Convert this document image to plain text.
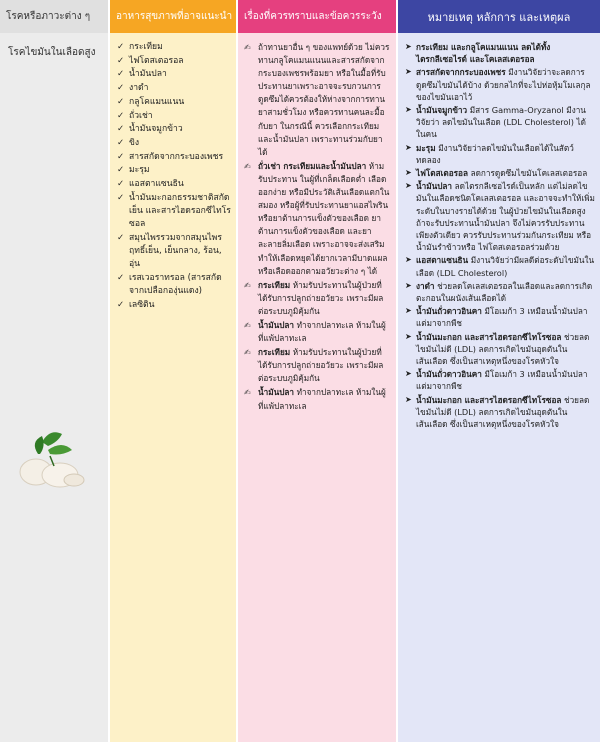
โรคหรือภาวะต่าง ๆ
โรคไขมันในเลือดสูง
อาหารสุขภาพที่อาจแนะนำ
✓ กระเทียม
✓ ไฟโตสเตอรอล
✓ น้ำมันปลา
✓ งาดำ
✓ กลูโคแมนแนน
✓ ถั่วเช่า
✓ น้ำมันจมูกข้าว
✓ ขิง
✓ สารสกัดจากกระบองเพชร
✓ มะรุม
✓ แอสตาแซนธิน
✓ น้ำมันมะกอกธรรมชาติสกัดเย็น และสารไฮดรอกซีไทโรซอล
✓ สมุนไพรรวมจากสมุนไพรฤทธิ์เย็น, เย็นกลาง, ร้อน, อุ่น
✓ เรสเวอราทรอล (สารสกัดจากเปลือกองุ่นแดง)
✓ เลซิติน
เรื่องที่ควรทราบและข้อควรระวัง
✍ ถ้าทานยาอื่น ๆ ของแพทย์ด้วย ไม่ควรทานกลูโคแมนแนนและสารสกัดจากกระบองเพชรพร้อมยา หรือในมื้อที่รับประทานยาเพราะอาจจะรบกวนการดูดซึมได้ควรต้องให้ห่างจากการทานยาสามชั่วโมง หรือควรทานคนละมื้อกับยา ในกรณีนี้ ควรเลือกกระเทียมและน้ำมันปลา เพราะทานร่วมกับยาได้
✍ ถั่วเช่า กระเทียมและน้ำมันปลา ห้ามรับประทาน ในผู้ที่เกล็ดเลือดต่ำ เลือดออกง่าย หรือมีประวัติเส้นเลือดแตกในสมอง หรือผู้ที่รับประทานยาแอสไพริน หรือยาต้านการแข็งตัวของเลือด ยาต้านการแข็งตัวของเลือด และยาละลายลิ่มเลือด เพราะอาจจะส่งเสริม ทำให้เลือดหยุดได้ยากเวลามีบาดแผล หรือเลือดออกตามอวัยวะต่าง ๆ ได้
✍ กระเทียม ห้ามรับประทานในผู้ป่วยที่ได้รับการปลูกถ่ายอวัยวะ เพราะมีผลต่อระบบภูมิคุ้มกัน
✍ น้ำมันปลา ทำจากปลาทะเล ห้ามในผู้ที่แพ้ปลาทะเล
✍ กระเทียม ห้ามรับประทานในผู้ป่วยที่ได้รับการปลูกถ่ายอวัยวะ เพราะมีผลต่อระบบภูมิคุ้มกัน
✍ น้ำมันปลา ทำจากปลาทะเล ห้ามในผู้ที่แพ้ปลาทะเล
หมายเหตุ หลักการ และเหตุผล
➤ กระเทียม และกลูโคแมนแนน ลดได้ทั้งไตรกลีเซอไรด์ และโคเลสเตอรอล
➤ สารสกัดจากกระบองเพชร มีงานวิจัยว่าจะลดการดูดซึมไขมันได้บ้าง ด้วยกลไกที่จะไปห่อหุ้มโมเลกุลของไขมันเอาไว้
➤ น้ำมันจมูกข้าว มีสาร Gamma-Oryzanol มีงานวิจัยว่า ลดไขมันในเลือด (LDL Cholesterol) ได้ในคน
➤ มะรุม มีงานวิจัยว่าลดไขมันในเลือดได้ในสัตว์ทดลอง
➤ ไฟโตสเตอรอล ลดการดูดซึมไขมันโคเลสเตอรอล
➤ น้ำมันปลา ลดไตรกลีเซอไรด์เป็นหลัก แต่ไม่ลดไขมันในเลือดชนิดโคเลสเตอรอล และอาจจะทำให้เพิ่มระดับในบางรายได้ด้วย ในผู้ป่วยไขมันในเลือดสูง ถ้าจะรับประทานน้ำมันปลา จึงไม่ควรรับประทานเพียงตัวเดียว ควรรับประทานร่วมกันกระเทียม หรือน้ำมันรำข้าวหรือ ไฟโตสเตอรอลร่วมด้วย
➤ แอสตาแซนธิน มีงานวิจัยว่ามีผลดีต่อระดับไขมันในเลือด (LDL Cholesterol)
➤ งาดำ ช่วยลดโคเลสเตอรอลในเลือดและลดการเกิดตะกอนในผนังเส้นเลือดได้
➤ น้ำมันถั่วดาวอินคา มีโอเมก้า 3 เหมือนน้ำมันปลา แต่มาจากพืช
➤ น้ำมันมะกอก และสารไฮดรอกซีไทโรซอล ช่วยลดไขมันไม่ดี (LDL) ลดการเกิดไขมันอุดตันในเส้นเลือด ซึ่งเป็นสาเหตุหนึ่งของโรคหัวใจ
➤ น้ำมันถั่วดาวอินคา มีโอเมก้า 3 เหมือนน้ำมันปลา แต่มาจากพืช
➤ น้ำมันมะกอก และสารไฮดรอกซีไทโรซอล ช่วยลดไขมันไม่ดี (LDL) ลดการเกิดไขมันอุดตันในเส้นเลือด ซึ่งเป็นสาเหตุหนึ่งของโรคหัวใจ
